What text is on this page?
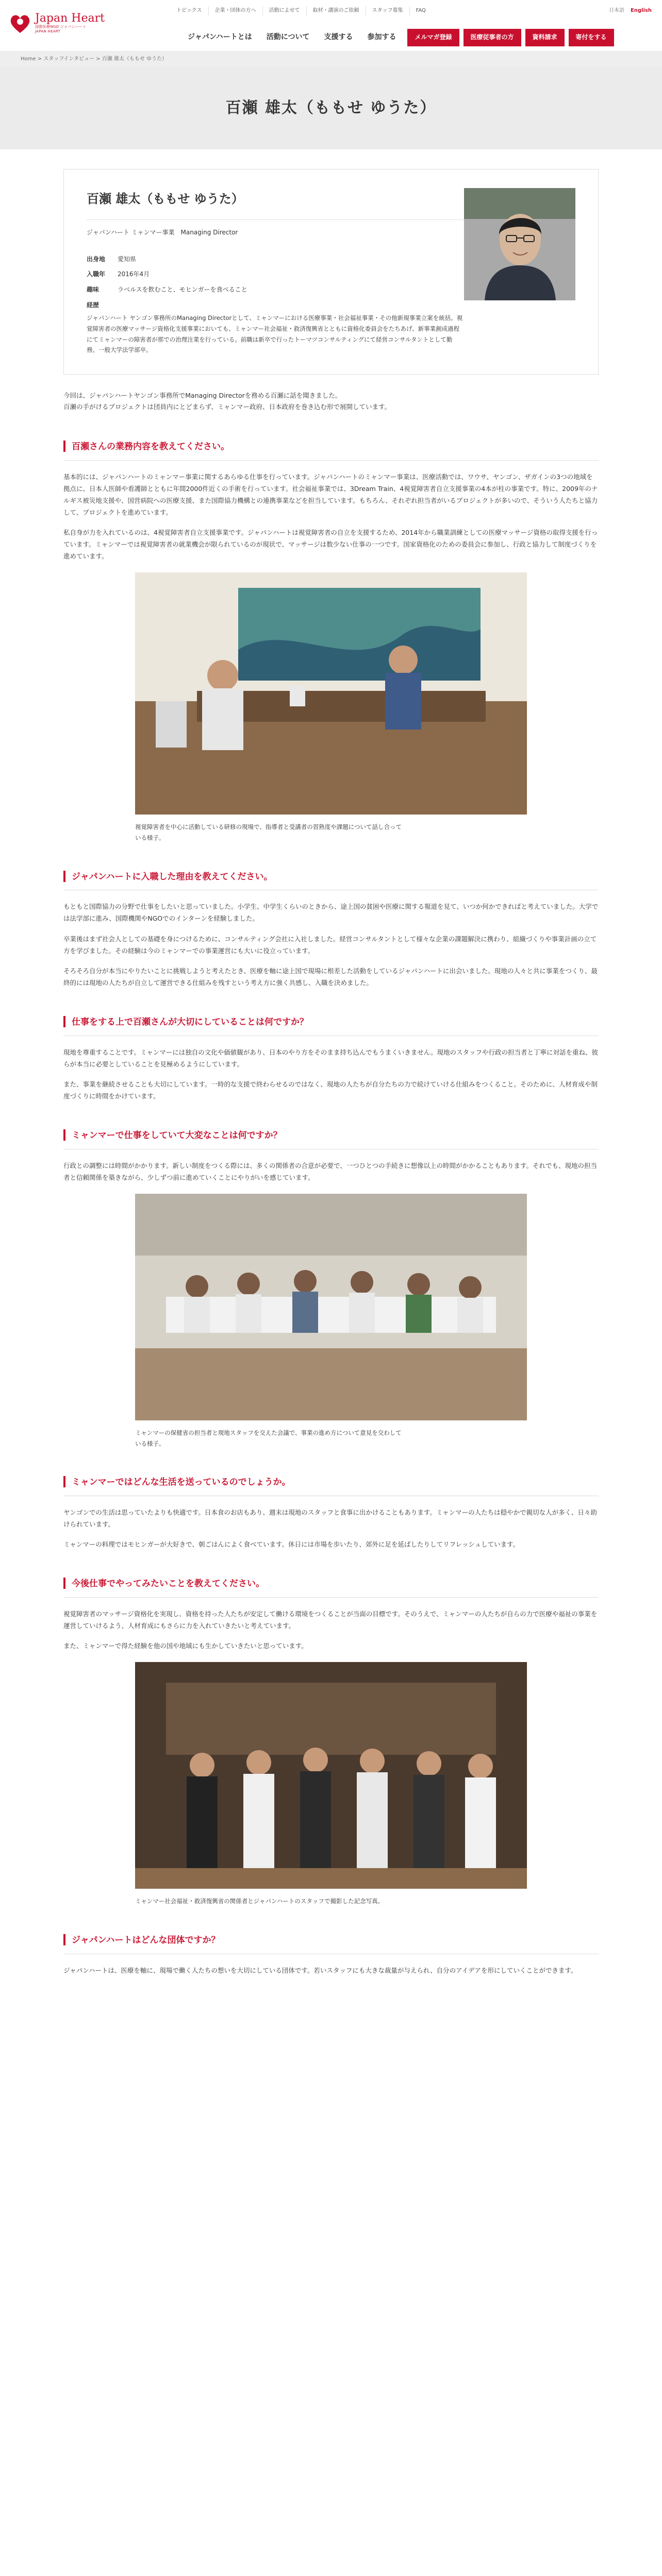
Japan Heart
国際医療NGO ジャパンハート
JAPAN HEART
トピックス	企業・団体の方へ	活動によせて	取材・講演のご依頼	スタッフ募集	FAQ	日本語 English
ジャパンハートとは	活動について	支援する	参加する	メルマガ登録	医療従事者の方	資料請求	寄付をする
Home > スタッフインタビュー > 百瀬 雄太（ももせ ゆうた）
百瀬 雄太（ももせ ゆうた）
百瀬 雄太（ももせ ゆうた）
ジャパンハート ミャンマー事業　Managing Director
出身地	愛知県
入職年	2016年4月
趣味	ラベルスを飲むこと、モヒンガーを食べること
経歴
ジャパンハート ヤンゴン事務所のManaging Directorとして、ミャンマーにおける医療事業・社会福祉事業・その他新規事業立案を統括。視覚障害者の医療マッサージ資格化支援事業においても、ミャンマー社会福祉・救済復興省とともに資格化委員会をたちあげ、新事業創成過程にてミャンマーの障害者が那での治理注業を行っている。前職は新卒で行ったトーマツコンサルティングにて経営コンサルタントとして勤務。一般大学法学部卒。

今回は、ジャパンハートヤンゴン事務所でManaging Directorを務める百瀬に話を聞きました。
百瀬の手がけるプロジェクトは団員内にとどまらず、ミャンマー政府、日本政府を巻き込む形で展開しています。

百瀬さんの業務内容を教えてください。

基本的には、ジャパンハートのミャンマー事業に関するあらゆる仕事を行っています。ジャパンハートのミャンマー事業は、医療活動では、ワウサ、ヤンゴン、ザガインの3つの地域を拠点に、日本人医師や看護師とともに年間2000件近くの手術を行っています。社会福祉事業では、3Dream Train、4視覚障害者自立支援事業の4本が柱の事業です。特に、2009年のナルギス被災地支援や、国営病院への医療支援、また国際協力機構との連携事業などを担当しています。もちろん、それぞれ担当者がいるプロジェクトが多いので、そういう人たちと協力して、プロジェクトを進めています。

私自身が力を入れているのは、4視覚障害者自立支援事業です。ジャパンハートは視覚障害者の自立を支援するため、2014年から職業訓練としての医療マッサージ資格の取得支援を行っています。ミャンマーでは視覚障害者の就業機会が限られているのが現状で、マッサージは数少ない仕事の一つです。国家資格化のための委員会に参加し、行政と協力して制度づくりを進めています。

視覚障害者を中心に活動している研修の現場で、指導者と受講者の習熟度や課題について話し合っている様子。
ジャパンハートに入職した理由を教えてください。

もともと国際協力の分野で仕事をしたいと思っていました。小学生、中学生くらいのときから、途上国の貧困や医療に関する報道を見て、いつか何かできればと考えていました。大学では法学部に進み、国際機関やNGOでのインターンを経験しました。

卒業後はまず社会人としての基礎を身につけるために、コンサルティング会社に入社しました。経営コンサルタントとして様々な企業の課題解決に携わり、組織づくりや事業計画の立て方を学びました。その経験は今のミャンマーでの事業運営にも大いに役立っています。

そろそろ自分が本当にやりたいことに挑戦しようと考えたとき、医療を軸に途上国で現場に根差した活動をしているジャパンハートに出会いました。現地の人々と共に事業をつくり、最終的には現地の人たちが自立して運営できる仕組みを残すという考え方に強く共感し、入職を決めました。

仕事をする上で百瀬さんが大切にしていることは何ですか？

現地を尊重することです。ミャンマーには独自の文化や価値観があり、日本のやり方をそのまま持ち込んでもうまくいきません。現地のスタッフや行政の担当者と丁寧に対話を重ね、彼らが本当に必要としていることを見極めるようにしています。

また、事業を継続させることも大切にしています。一時的な支援で終わらせるのではなく、現地の人たちが自分たちの力で続けていける仕組みをつくること。そのために、人材育成や制度づくりに時間をかけています。

ミャンマーで仕事をしていて大変なことは何ですか？

行政との調整には時間がかかります。新しい制度をつくる際には、多くの関係者の合意が必要で、一つひとつの手続きに想像以上の時間がかかることもあります。それでも、現地の担当者と信頼関係を築きながら、少しずつ前に進めていくことにやりがいを感じています。

ミャンマーの保健省の担当者と現地スタッフを交えた会議で、事業の進め方について意見を交わしている様子。
ミャンマーではどんな生活を送っているのでしょうか。

ヤンゴンでの生活は思っていたよりも快適です。日本食のお店もあり、週末は現地のスタッフと食事に出かけることもあります。ミャンマーの人たちは穏やかで親切な人が多く、日々助けられています。

ミャンマーの料理ではモヒンガーが大好きで、朝ごはんによく食べています。休日には市場を歩いたり、郊外に足を延ばしたりしてリフレッシュしています。

今後仕事でやってみたいことを教えてください。

視覚障害者のマッサージ資格化を実現し、資格を持った人たちが安定して働ける環境をつくることが当面の目標です。そのうえで、ミャンマーの人たちが自らの力で医療や福祉の事業を運営していけるよう、人材育成にもさらに力を入れていきたいと考えています。

また、ミャンマーで得た経験を他の国や地域にも生かしていきたいと思っています。

ミャンマー社会福祉・救済復興省の関係者とジャパンハートのスタッフで撮影した記念写真。
ジャパンハートはどんな団体ですか？

ジャパンハートは、医療を軸に、現場で働く人たちの想いを大切にしている団体です。若いスタッフにも大きな裁量が与えられ、自分のアイデアを形にしていくことができます。
